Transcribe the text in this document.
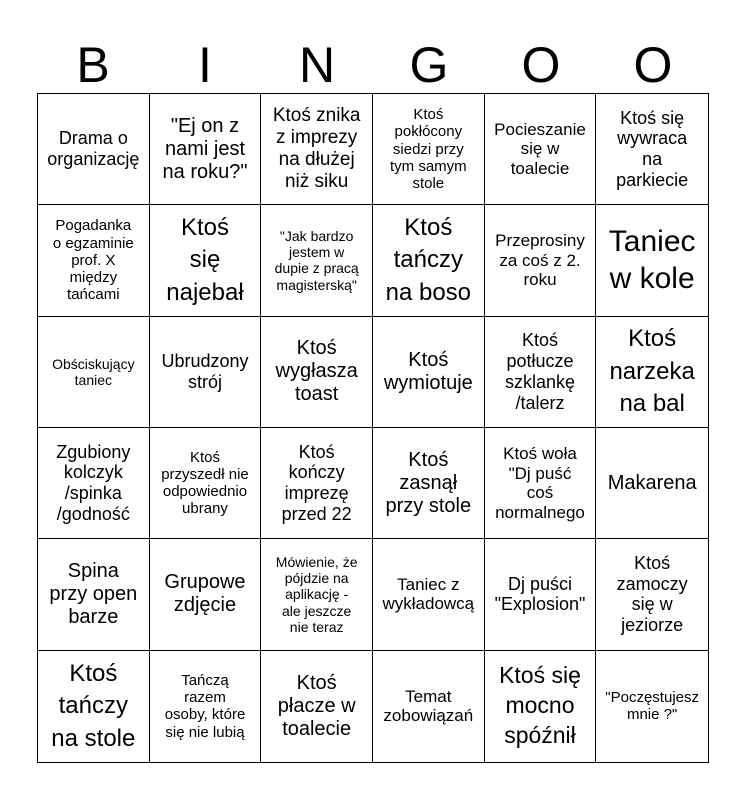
B	I	N	G	O	O
Drama o
organizację
"Ej on z
nami jest
na roku?"
Ktoś znika
z imprezy
na dłużej
niż siku
Ktoś
pokłócony
siedzi przy
tym samym
stole
Pocieszanie
się w
toalecie
Ktoś się
wywraca
na
parkiecie
Pogadanka
o egzaminie
prof. X
między
tańcami
Ktoś
się
najebał
"Jak bardzo
jestem w
dupie z pracą
magisterską"
Ktoś
tańczy
na boso
Przeprosiny
za coś z 2.
roku
Taniec
w kole
Obściskujący
taniec
Ubrudzony
strój
Ktoś
wygłasza
toast
Ktoś
wymiotuje
Ktoś
potłucze
szklankę
/talerz
Ktoś
narzeka
na bal
Zgubiony
kolczyk
/spinka
/godność
Ktoś
przyszedł nie
odpowiednio
ubrany
Ktoś
kończy
imprezę
przed 22
Ktoś
zasnął
przy stole
Ktoś woła
"Dj puść
coś
normalnego
Makarena
Spina
przy open
barze
Grupowe
zdjęcie
Mówienie, że
pójdzie na
aplikację -
ale jeszcze
nie teraz
Taniec z
wykładowcą
Dj puści
"Explosion"
Ktoś
zamoczy
się w
jeziorze
Ktoś
tańczy
na stole
Tańczą
razem
osoby, które
się nie lubią
Ktoś
płacze w
toalecie
Temat
zobowiązań
Ktoś się
mocno
spóźnił
"Poczęstujesz
mnie ?"
